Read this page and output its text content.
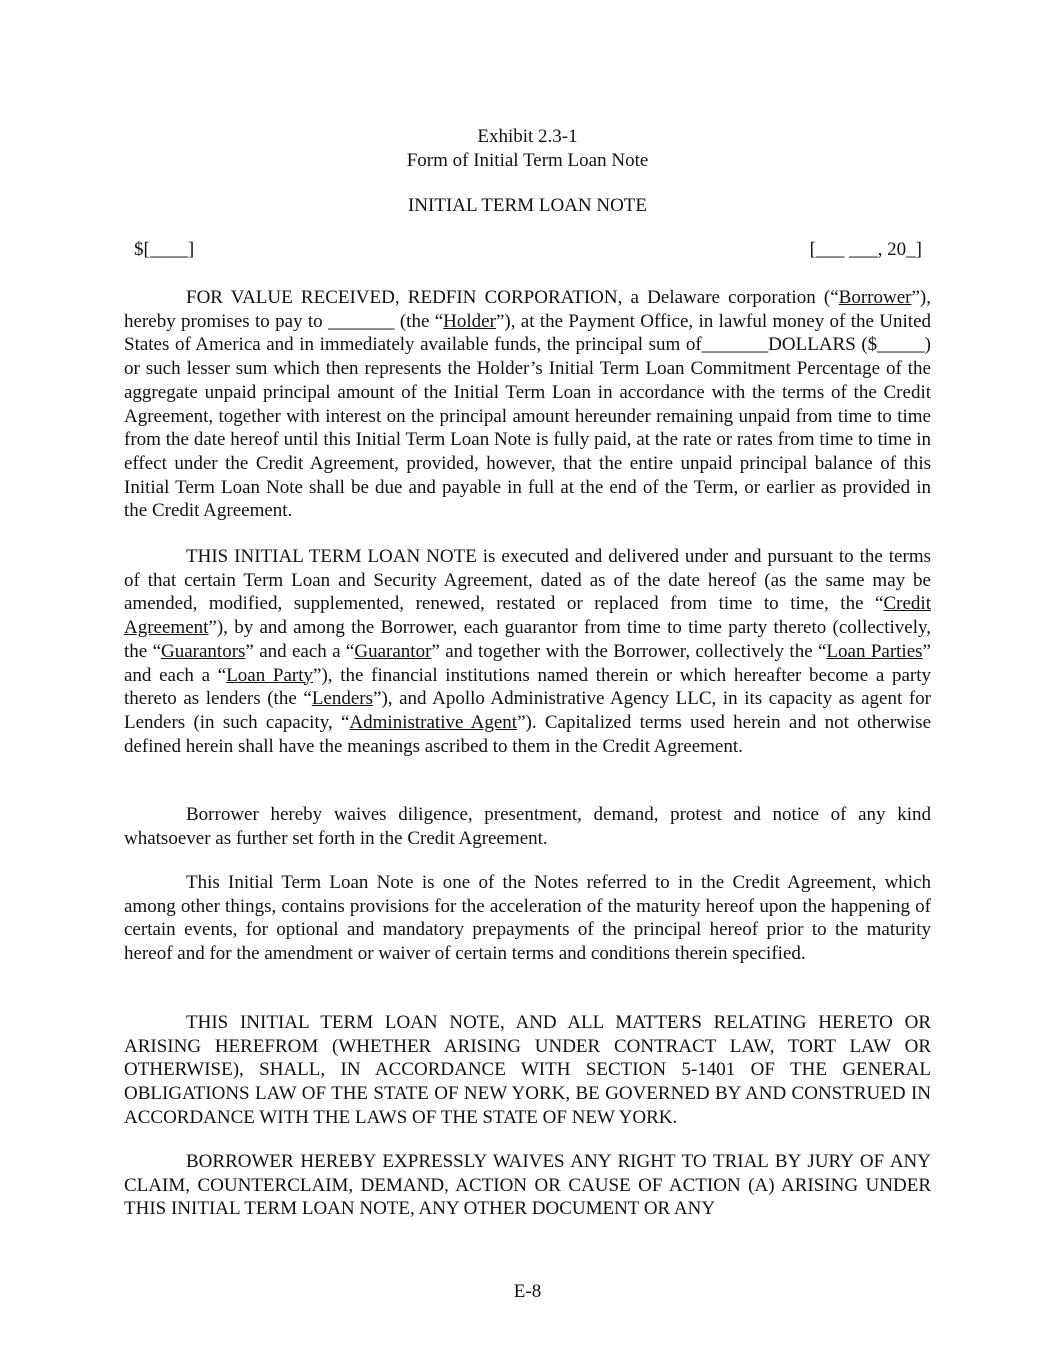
Exhibit 2.3-1
Form of Initial Term Loan Note
INITIAL TERM LOAN NOTE
$[____]	[___ ___, 20_]

FOR VALUE RECEIVED, REDFIN CORPORATION, a Delaware corporation (“Borrower”), hereby promises to pay to _______ (the “Holder”), at the Payment Office, in lawful money of the United States of America and in immediately available funds, the principal sum of_______DOLLARS ($_____) or such lesser sum which then represents the Holder’s Initial Term Loan Commitment Percentage of the aggregate unpaid principal amount of the Initial Term Loan in accordance with the terms of the Credit Agreement, together with interest on the principal amount hereunder remaining unpaid from time to time from the date hereof until this Initial Term Loan Note is fully paid, at the rate or rates from time to time in effect under the Credit Agreement, provided, however, that the entire unpaid principal balance of this Initial Term Loan Note shall be due and payable in full at the end of the Term, or earlier as provided in the Credit Agreement.

THIS INITIAL TERM LOAN NOTE is executed and delivered under and pursuant to the terms of that certain Term Loan and Security Agreement, dated as of the date hereof (as the same may be amended, modified, supplemented, renewed, restated or replaced from time to time, the “Credit Agreement”), by and among the Borrower, each guarantor from time to time party thereto (collectively, the “Guarantors” and each a “Guarantor” and together with the Borrower, collectively the “Loan Parties” and each a “Loan Party”), the financial institutions named therein or which hereafter become a party thereto as lenders (the “Lenders”), and Apollo Administrative Agency LLC, in its capacity as agent for Lenders (in such capacity, “Administrative Agent”). Capitalized terms used herein and not otherwise defined herein shall have the meanings ascribed to them in the Credit Agreement.

Borrower hereby waives diligence, presentment, demand, protest and notice of any kind whatsoever as further set forth in the Credit Agreement.

This Initial Term Loan Note is one of the Notes referred to in the Credit Agreement, which among other things, contains provisions for the acceleration of the maturity hereof upon the happening of certain events, for optional and mandatory prepayments of the principal hereof prior to the maturity hereof and for the amendment or waiver of certain terms and conditions therein specified.

THIS INITIAL TERM LOAN NOTE, AND ALL MATTERS RELATING HERETO OR ARISING HEREFROM (WHETHER ARISING UNDER CONTRACT LAW, TORT LAW OR OTHERWISE), SHALL, IN ACCORDANCE WITH SECTION 5-1401 OF THE GENERAL OBLIGATIONS LAW OF THE STATE OF NEW YORK, BE GOVERNED BY AND CONSTRUED IN ACCORDANCE WITH THE LAWS OF THE STATE OF NEW YORK.

BORROWER HEREBY EXPRESSLY WAIVES ANY RIGHT TO TRIAL BY JURY OF ANY CLAIM, COUNTERCLAIM, DEMAND, ACTION OR CAUSE OF ACTION (A) ARISING UNDER THIS INITIAL TERM LOAN NOTE, ANY OTHER DOCUMENT OR ANY

E-8
